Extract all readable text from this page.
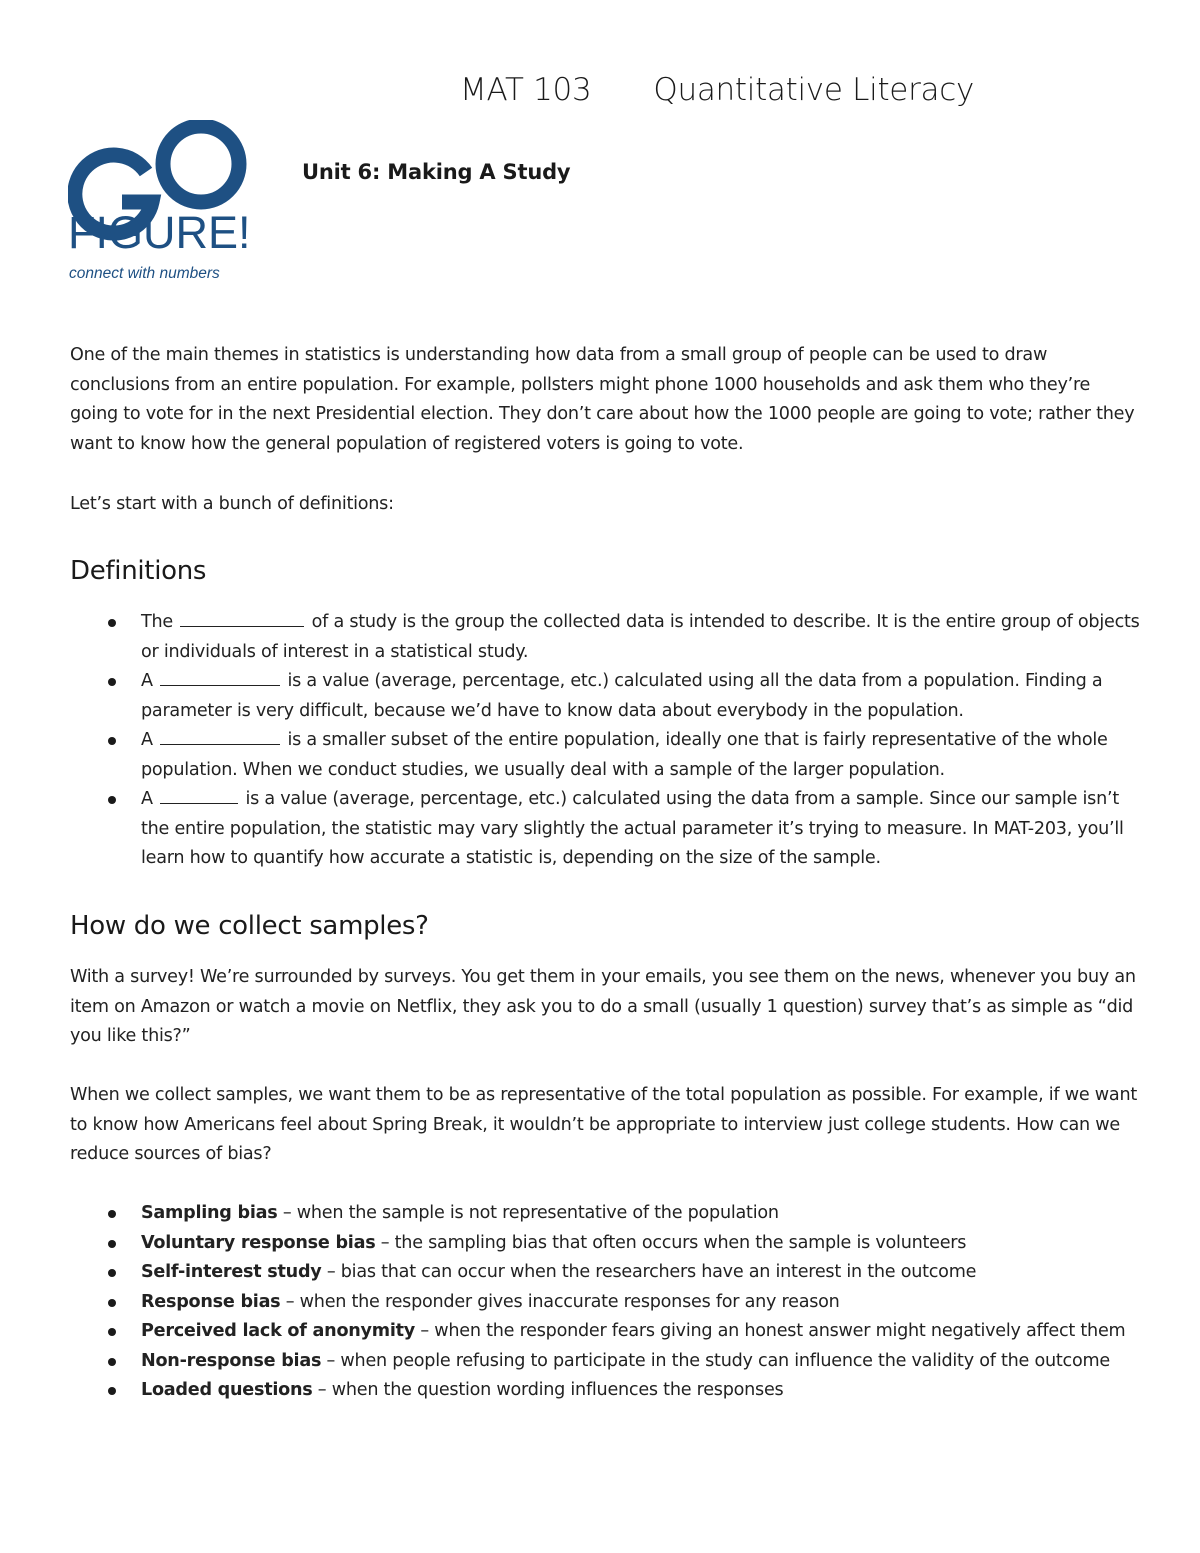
MAT 103 Quantitative Literacy
FIGURE!
connect with numbers
Unit 6: Making A Study

One of the main themes in statistics is understanding how data from a small group of people can be used to draw conclusions from an entire population. For example, pollsters might phone 1000 households and ask them who they’re going to vote for in the next Presidential election. They don’t care about how the 1000 people are going to vote; rather they want to know how the general population of registered voters is going to vote.

Let’s start with a bunch of definitions:

Definitions
The	of a study is the group the collected data is intended to describe. It is the entire group of objects or individuals of interest in a statistical study.
A	is a value (average, percentage, etc.) calculated using all the data from a population. Finding a parameter is very difficult, because we’d have to know data about everybody in the population.
A	is a smaller subset of the entire population, ideally one that is fairly representative of the whole population. When we conduct studies, we usually deal with a sample of the larger population.
A	is a value (average, percentage, etc.) calculated using the data from a sample. Since our sample isn’t the entire population, the statistic may vary slightly the actual parameter it’s trying to measure. In MAT-203, you’ll learn how to quantify how accurate a statistic is, depending on the size of the sample.
How do we collect samples?

With a survey! We’re surrounded by surveys. You get them in your emails, you see them on the news, whenever you buy an item on Amazon or watch a movie on Netflix, they ask you to do a small (usually 1 question) survey that’s as simple as “did you like this?”

When we collect samples, we want them to be as representative of the total population as possible. For example, if we want to know how Americans feel about Spring Break, it wouldn’t be appropriate to interview just college students. How can we reduce sources of bias?

Sampling bias – when the sample is not representative of the population
Voluntary response bias – the sampling bias that often occurs when the sample is volunteers
Self-interest study – bias that can occur when the researchers have an interest in the outcome
Response bias – when the responder gives inaccurate responses for any reason
Perceived lack of anonymity – when the responder fears giving an honest answer might negatively affect them
Non-response bias – when people refusing to participate in the study can influence the validity of the outcome
Loaded questions – when the question wording influences the responses
